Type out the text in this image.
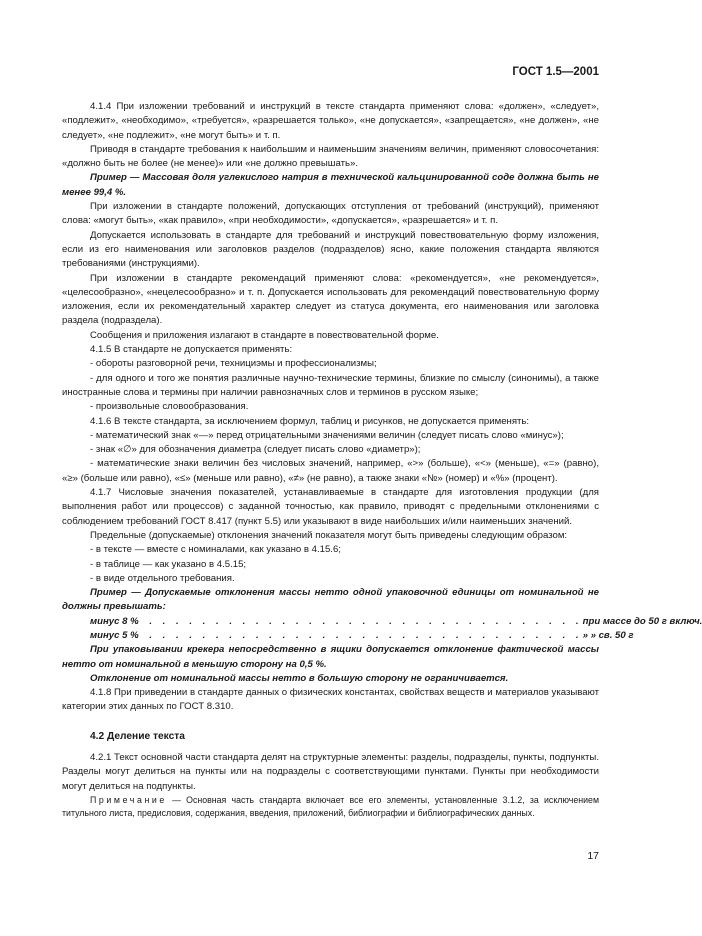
ГОСТ 1.5—2001

4.1.4 При изложении требований и инструкций в тексте стандарта применяют слова: «должен», «следует», «подлежит», «необходимо», «требуется», «разрешается только», «не допускается», «запрещается», «не должен», «не следует», «не подлежит», «не могут быть» и т. п.

Приводя в стандарте требования к наибольшим и наименьшим значениям величин, применяют словосочетания: «должно быть не более (не менее)» или «не должно превышать».

Пример — Массовая доля углекислого натрия в технической кальцинированной соде должна быть не менее 99,4 %.

При изложении в стандарте положений, допускающих отступления от требований (инструкций), применяют слова: «могут быть», «как правило», «при необходимости», «допускается», «разрешается» и т. п.

Допускается использовать в стандарте для требований и инструкций повествовательную форму изложения, если из его наименования или заголовков разделов (подразделов) ясно, какие положения стандарта являются требованиями (инструкциями).

При изложении в стандарте рекомендаций применяют слова: «рекомендуется», «не рекомендуется», «целесообразно», «нецелесообразно» и т. п. Допускается использовать для рекомендаций повествовательную форму изложения, если их рекомендательный характер следует из статуса документа, его наименования или заголовка раздела (подраздела).

Сообщения и приложения излагают в стандарте в повествовательной форме.

4.1.5 В стандарте не допускается применять:

- обороты разговорной речи, технициэмы и профессионализмы;

- для одного и того же понятия различные научно-технические термины, близкие по смыслу (синонимы), а также иностранные слова и термины при наличии равнозначных слов и терминов в русском языке;

- произвольные словообразования.

4.1.6 В тексте стандарта, за исключением формул, таблиц и рисунков, не допускается применять:

- математический знак «—» перед отрицательными значениями величин (следует писать слово «минус»);

- знак «∅» для обозначения диаметра (следует писать слово «диаметр»);

- математические знаки величин без числовых значений, например, «>» (больше), «<» (меньше), «=» (равно), «≥» (больше или равно), «≤» (меньше или равно), «≠» (не равно), а также знаки «№» (номер) и «%» (процент).

4.1.7 Числовые значения показателей, устанавливаемые в стандарте для изготовления продукции (для выполнения работ или процессов) с заданной точностью, как правило, приводят с предельными отклонениями с соблюдением требований ГОСТ 8.417 (пункт 5.5) или указывают в виде наибольших и/или наименьших значений.

Предельные (допускаемые) отклонения значений показателя могут быть приведены следующим образом:

- в тексте — вместе с номиналами, как указано в 4.15.6;

- в таблице — как указано в 4.5.15;

- в виде отдельного требования.

Пример — Допускаемые отклонения массы нетто одной упаковочной единицы от номинальной не должны превышать:

минус 8 %
. . . . . . . . . . . . . . . . . . . . . . . . . . . . . . . . . . при массе до 50 г включ.
минус 5 %
. . . . . . . . . . . . . . . . . . . . . . . . . . . . . . . . . . » » св. 50 г

При упаковывании крекера непосредственно в ящики допускается отклонение фактической массы нетто от номинальной в меньшую сторону на 0,5 %.

Отклонение от номинальной массы нетто в большую сторону не ограничивается.

4.1.8 При приведении в стандарте данных о физических константах, свойствах веществ и материалов указывают категории этих данных по ГОСТ 8.310.

4.2 Деление текста

4.2.1 Текст основной части стандарта делят на структурные элементы: разделы, подразделы, пункты, подпункты. Разделы могут делиться на пункты или на подразделы с соответствующими пунктами. Пункты при необходимости могут делиться на подпункты.

Примечание — Основная часть стандарта включает все его элементы, установленные 3.1.2, за исключением титульного листа, предисловия, содержания, введения, приложений, библиографии и библиографических данных.

17
